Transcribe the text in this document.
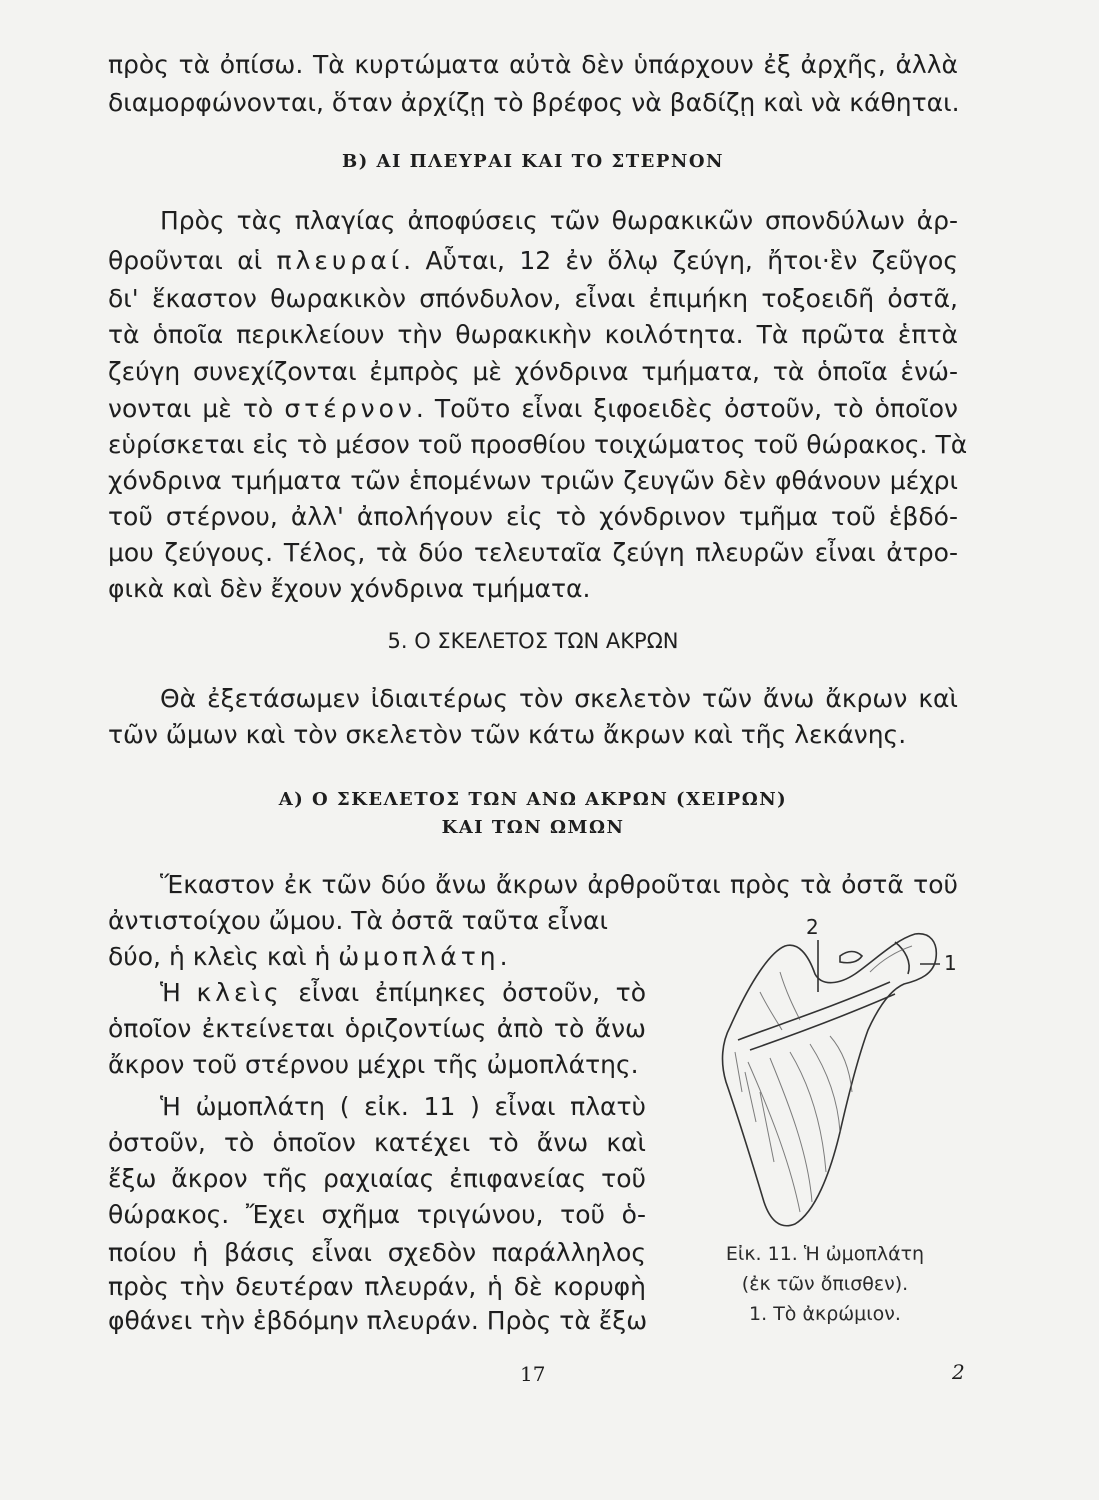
πρὸς τὰ ὀπίσω. Τὰ κυρτώματα αὐτὰ δὲν ὑπάρχουν ἐξ ἀρχῆς, ἀλλὰ
διαμορφώνονται, ὅταν ἀρχίζῃ τὸ βρέφος νὰ βαδίζῃ καὶ νὰ κάθηται.
Β) ΑΙ ΠΛΕΥΡΑΙ ΚΑΙ ΤΟ ΣΤΕΡΝΟΝ
Πρὸς τὰς πλαγίας ἀποφύσεις τῶν θωρακικῶν σπονδύλων ἀρ-
θροῦνται αἱ πλευραί. Αὗται, 12 ἐν ὅλῳ ζεύγη, ἤτοι·ἓν ζεῦγος
δι' ἕκαστον θωρακικὸν σπόνδυλον, εἶναι ἐπιμήκη τοξοειδῆ ὀστᾶ,
τὰ ὁποῖα περικλείουν τὴν θωρακικὴν κοιλότητα. Τὰ πρῶτα ἑπτὰ
ζεύγη συνεχίζονται ἐμπρὸς μὲ χόνδρινα τμήματα, τὰ ὁποῖα ἑνώ-
νονται μὲ τὸ στέρνον. Τοῦτο εἶναι ξιφοειδὲς ὀστοῦν, τὸ ὁποῖον
εὑρίσκεται εἰς τὸ μέσον τοῦ προσθίου τοιχώματος τοῦ θώρακος. Τὰ
χόνδρινα τμήματα τῶν ἑπομένων τριῶν ζευγῶν δὲν φθάνουν μέχρι
τοῦ στέρνου, ἀλλ' ἀπολήγουν εἰς τὸ χόνδρινον τμῆμα τοῦ ἑβδό-
μου ζεύγους. Τέλος, τὰ δύο τελευταῖα ζεύγη πλευρῶν εἶναι ἀτρο-
φικὰ καὶ δὲν ἔχουν χόνδρινα τμήματα.
5. Ο ΣΚΕΛΕΤΟΣ ΤΩΝ ΑΚΡΩΝ
Θὰ ἐξετάσωμεν ἰδιαιτέρως τὸν σκελετὸν τῶν ἄνω ἄκρων καὶ
τῶν ὤμων καὶ τὸν σκελετὸν τῶν κάτω ἄκρων καὶ τῆς λεκάνης.
Α) Ο ΣΚΕΛΕΤΟΣ ΤΩΝ ΑΝΩ ΑΚΡΩΝ (ΧΕΙΡΩΝ)
ΚΑΙ ΤΩΝ ΩΜΩΝ
Ἕκαστον ἐκ τῶν δύο ἄνω ἄκρων ἀρθροῦται πρὸς τὰ ὀστᾶ τοῦ
ἀντιστοίχου ὤμου. Τὰ ὀστᾶ ταῦτα εἶναι
δύο, ἡ κλεὶς καὶ ἡ ὠμοπλάτη.
Ἡ κλεὶς εἶναι ἐπίμηκες ὀστοῦν, τὸ
ὁποῖον ἐκτείνεται ὁριζοντίως ἀπὸ τὸ ἄνω
ἄκρον τοῦ στέρνου μέχρι τῆς ὠμοπλάτης.
Ἡ ὠμοπλάτη ( εἰκ. 11 ) εἶναι πλατὺ
ὀστοῦν, τὸ ὁποῖον κατέχει τὸ ἄνω καὶ
ἔξω ἄκρον τῆς ραχιαίας ἐπιφανείας τοῦ
θώρακος. Ἔχει σχῆμα τριγώνου, τοῦ ὁ-
ποίου ἡ βάσις εἶναι σχεδὸν παράλληλος
πρὸς τὴν δευτέραν πλευράν, ἡ δὲ κορυφὴ
φθάνει τὴν ἑβδόμην πλευράν. Πρὸς τὰ ἔξω
2
1
Εἰκ. 11. Ἡ ὠμοπλάτη
(ἐκ τῶν ὄπισθεν).
1. Τὸ ἀκρώμιον.
17	2
